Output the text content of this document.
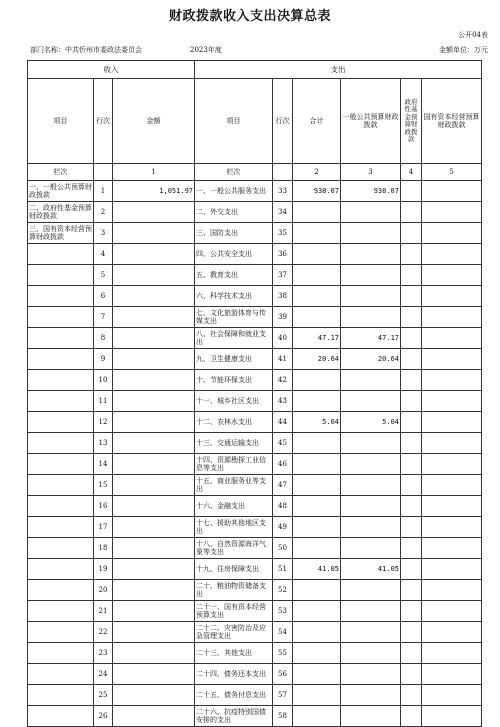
财政拨款收入支出决算总表
公开04表
部门名称：中共忻州市委政法委员会	2023年度	金额单位：万元
收入			支出					
项目	行次	金额	项目	行次	合计	一般公共预算财政拨款	政府性基金预算财政拨款	国有资本经营预算财政拨款
栏次		1	栏次		2	3	4	5
一、一般公共预算财政拨款	1	1,051.97	一、一般公共服务支出	33	938.07	938.07		
二、政府性基金预算财政拨款	2		二、外交支出	34				
三、国有资本经营预算财政拨款	3		三、国防支出	35				
	4		四、公共安全支出	36				
	5		五、教育支出	37				
	6		六、科学技术支出	38				
	7		七、文化旅游体育与传媒支出	39				
	8		八、社会保障和就业支出	40	47.17	47.17		
	9		九、卫生健康支出	41	20.64	20.64		
	10		十、节能环保支出	42				
	11		十一、城乡社区支出	43				
	12		十二、农林水支出	44	5.04	5.04		
	13		十三、交通运输支出	45				
	14		十四、资源勘探工业信息等支出	46				
	15		十五、商业服务业等支出	47				
	16		十六、金融支出	48				
	17		十七、援助其他地区支出	49				
	18		十八、自然资源海洋气象等支出	50				
	19		十九、住房保障支出	51	41.05	41.05		
	20		二十、粮油物资储备支出	52				
	21		二十一、国有资本经营预算支出	53				
	22		二十二、灾害防治及应急管理支出	54				
	23		二十三、其他支出	55				
	24		二十四、债务还本支出	56				
	25		二十五、债务付息支出	57				
	26		二十六、抗疫特别国债安排的支出	58				
